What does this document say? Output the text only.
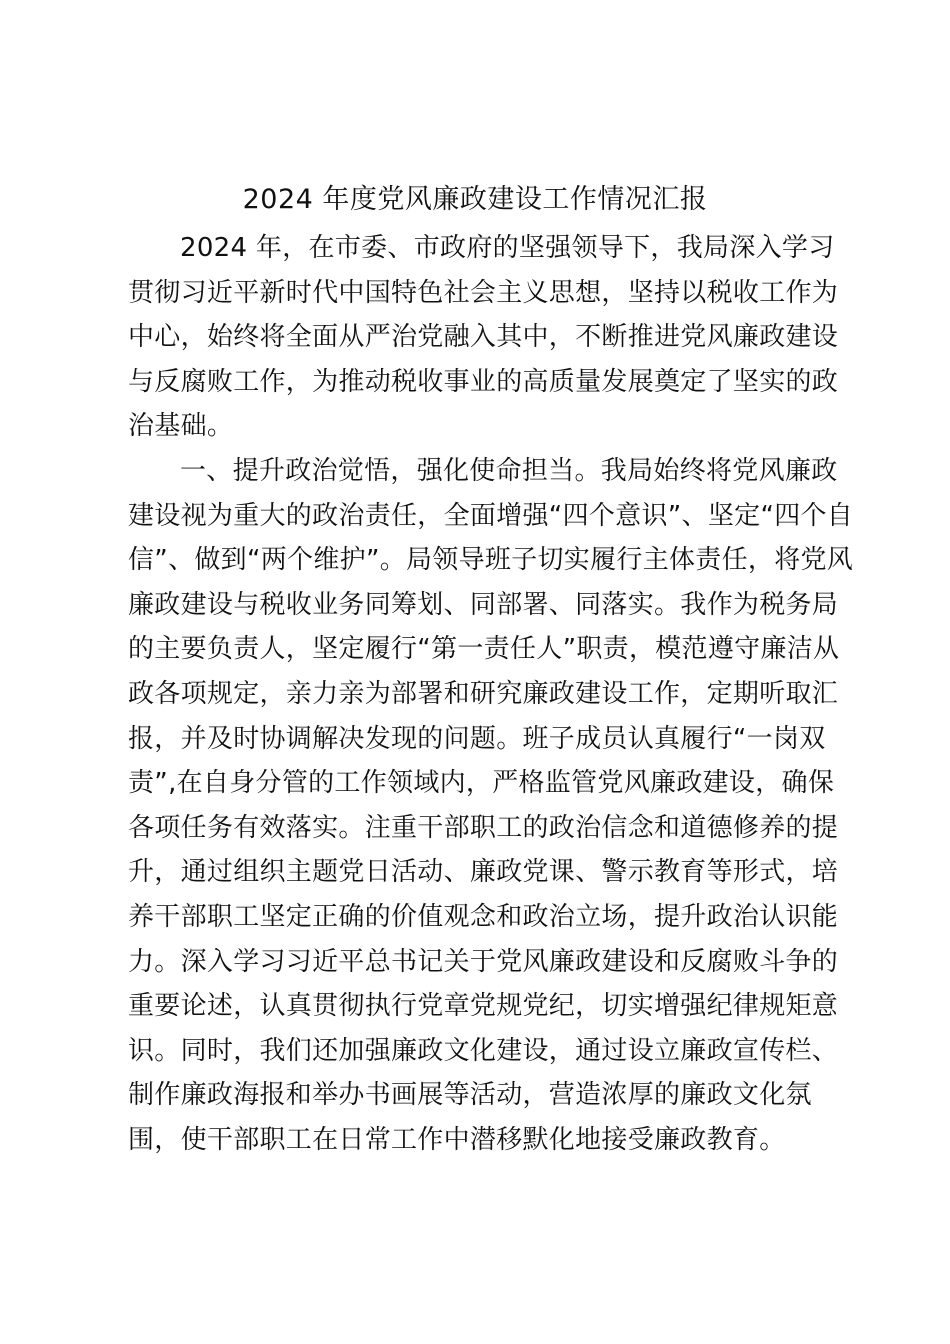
2024 年度党风廉政建设工作情况汇报
2024 年，在市委、市政府的坚强领导下，我局深入学习
贯彻习近平新时代中国特色社会主义思想，坚持以税收工作为
中心，始终将全面从严治党融入其中，不断推进党风廉政建设
与反腐败工作，为推动税收事业的高质量发展奠定了坚实的政
治基础。
一、提升政治觉悟，强化使命担当。我局始终将党风廉政
建设视为重大的政治责任，全面增强“四个意识”、坚定“四个自
信”、做到“两个维护”。局领导班子切实履行主体责任，将党风
廉政建设与税收业务同筹划、同部署、同落实。我作为税务局
的主要负责人，坚定履行“第一责任人”职责，模范遵守廉洁从
政各项规定，亲力亲为部署和研究廉政建设工作，定期听取汇
报，并及时协调解决发现的问题。班子成员认真履行“一岗双
责”,在自身分管的工作领域内，严格监管党风廉政建设，确保
各项任务有效落实。注重干部职工的政治信念和道德修养的提
升，通过组织主题党日活动、廉政党课、警示教育等形式，培
养干部职工坚定正确的价值观念和政治立场，提升政治认识能
力。深入学习习近平总书记关于党风廉政建设和反腐败斗争的
重要论述，认真贯彻执行党章党规党纪，切实增强纪律规矩意
识。同时，我们还加强廉政文化建设，通过设立廉政宣传栏、
制作廉政海报和举办书画展等活动，营造浓厚的廉政文化氛
围，使干部职工在日常工作中潜移默化地接受廉政教育。
